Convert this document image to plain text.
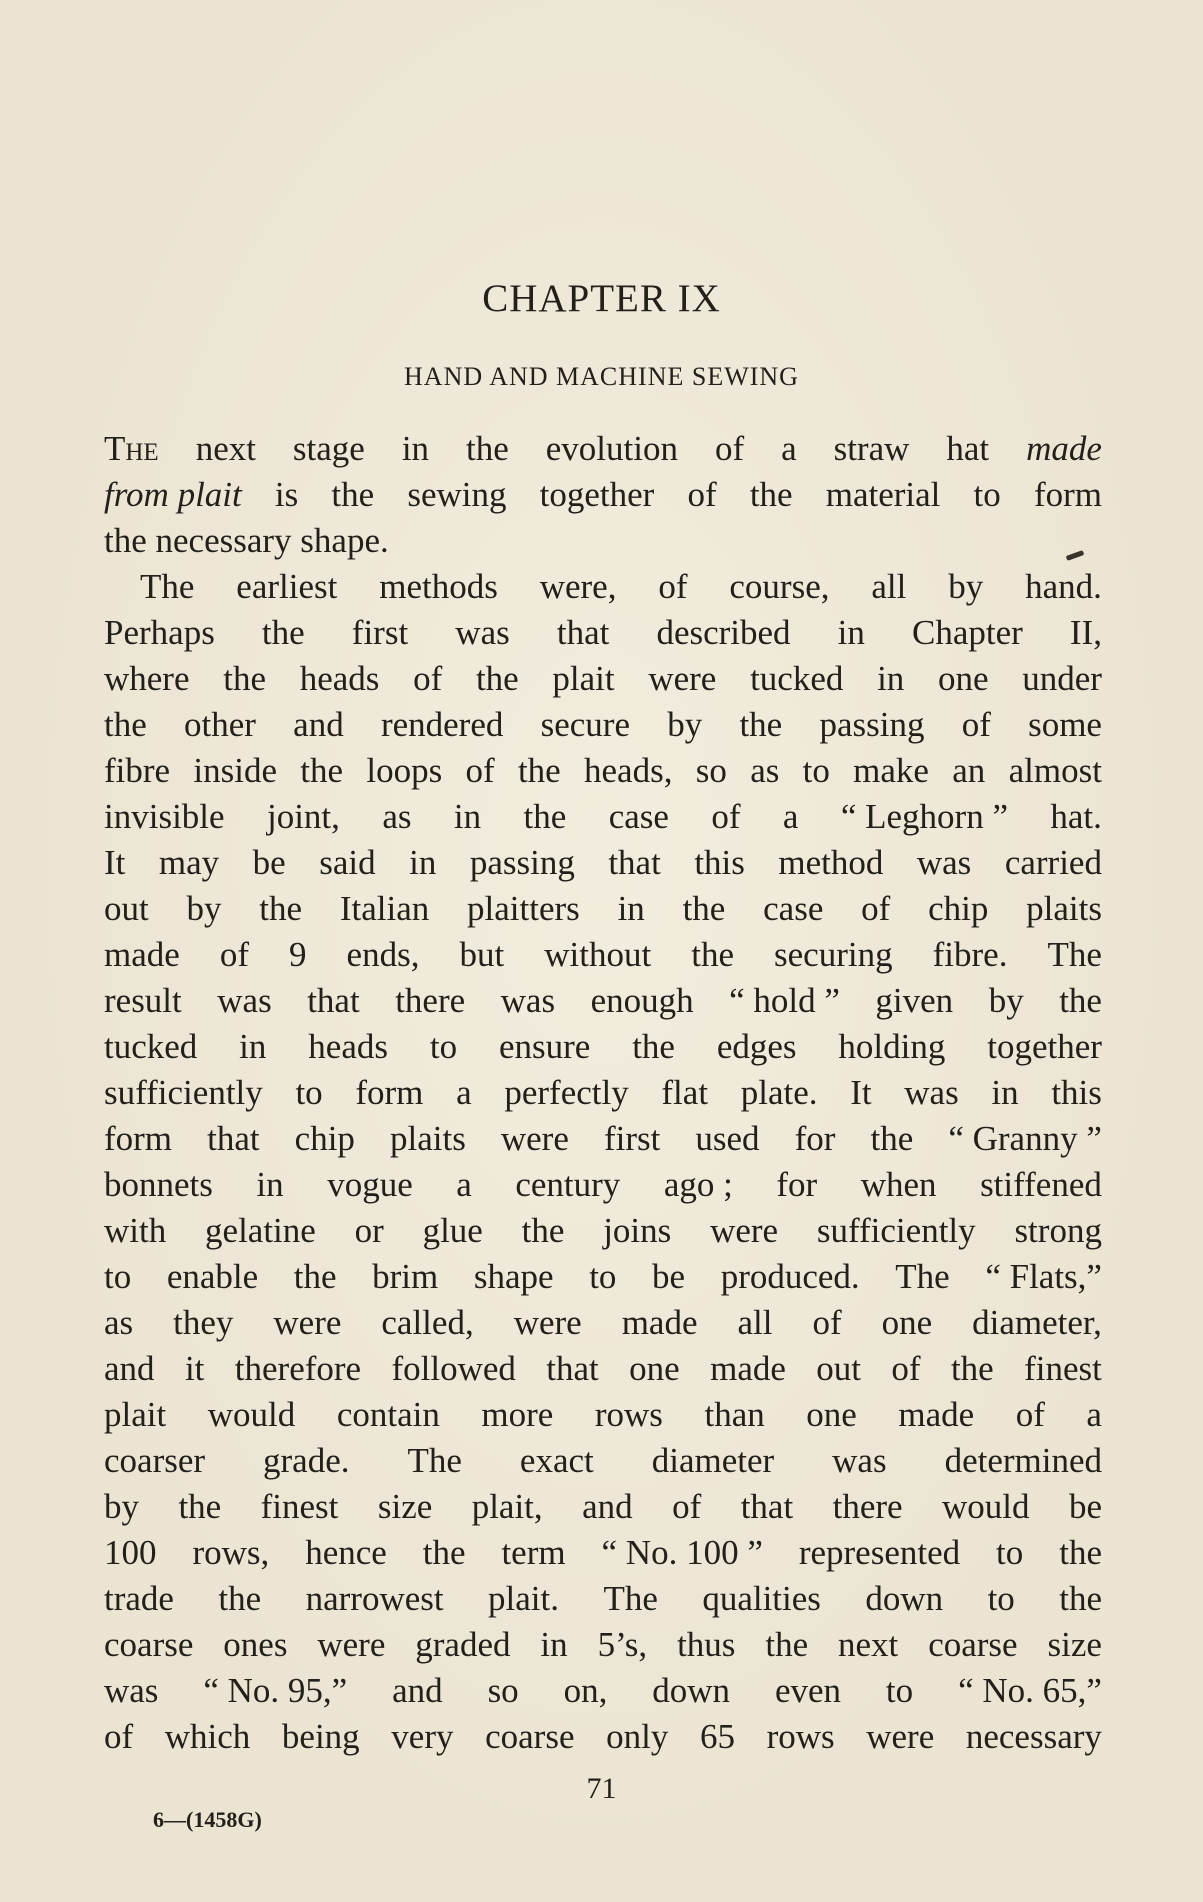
CHAPTER IX
HAND AND MACHINE SEWING
The next stage in the evolution of a straw hat made
from plait is the sewing together of the material to form
the necessary shape.
The earliest methods were, of course, all by hand.
Perhaps the first was that described in Chapter II,
where the heads of the plait were tucked in one under
the other and rendered secure by the passing of some
fibre inside the loops of the heads, so as to make an almost
invisible joint, as in the case of a “ Leghorn ” hat.
It may be said in passing that this method was carried
out by the Italian plaitters in the case of chip plaits
made of 9 ends, but without the securing fibre. The
result was that there was enough “ hold ” given by the
tucked in heads to ensure the edges holding together
sufficiently to form a perfectly flat plate. It was in this
form that chip plaits were first used for the “ Granny ”
bonnets in vogue a century ago ; for when stiffened
with gelatine or glue the joins were sufficiently strong
to enable the brim shape to be produced. The “ Flats,”
as they were called, were made all of one diameter,
and it therefore followed that one made out of the finest
plait would contain more rows than one made of a
coarser grade. The exact diameter was determined
by the finest size plait, and of that there would be
100 rows, hence the term “ No. 100 ” represented to the
trade the narrowest plait. The qualities down to the
coarse ones were graded in 5’s, thus the next coarse size
was “ No. 95,” and so on, down even to “ No. 65,”
of which being very coarse only 65 rows were necessary
71
6—(1458G)
